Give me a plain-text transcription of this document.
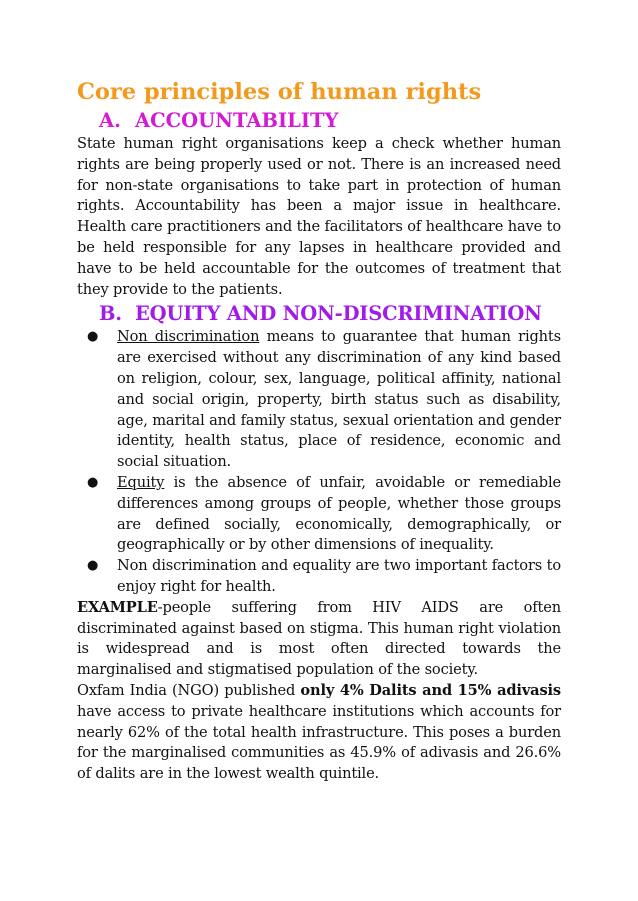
Core principles of human rights
A. ACCOUNTABILITY

State human right organisations keep a check whether human rights are being properly used or not. There is an increased need for non-state organisations to take part in protection of human rights. Accountability has been a major issue in healthcare. Health care practitioners and the facilitators of healthcare have to be held responsible for any lapses in healthcare provided and have to be held accountable for the outcomes of treatment that they provide to the patients.

B. EQUITY AND NON-DISCRIMINATION
● Non discrimination means to guarantee that human rights are exercised without any discrimination of any kind based on religion, colour, sex, language, political affinity, national and social origin, property, birth status such as disability, age, marital and family status, sexual orientation and gender identity, health status, place of residence, economic and social situation.
● Equity is the absence of unfair, avoidable or remediable differences among groups of people, whether those groups are defined socially, economically, demographically, or geographically or by other dimensions of inequality.
● Non discrimination and equality are two important factors to enjoy right for health.

EXAMPLE-people suffering from HIV AIDS are often discriminated against based on stigma. This human right violation is widespread and is most often directed towards the marginalised and stigmatised population of the society.

Oxfam India (NGO) published only 4% Dalits and 15% adivasis have access to private healthcare institutions which accounts for nearly 62% of the total health infrastructure. This poses a burden for the marginalised communities as 45.9% of adivasis and 26.6% of dalits are in the lowest wealth quintile.
